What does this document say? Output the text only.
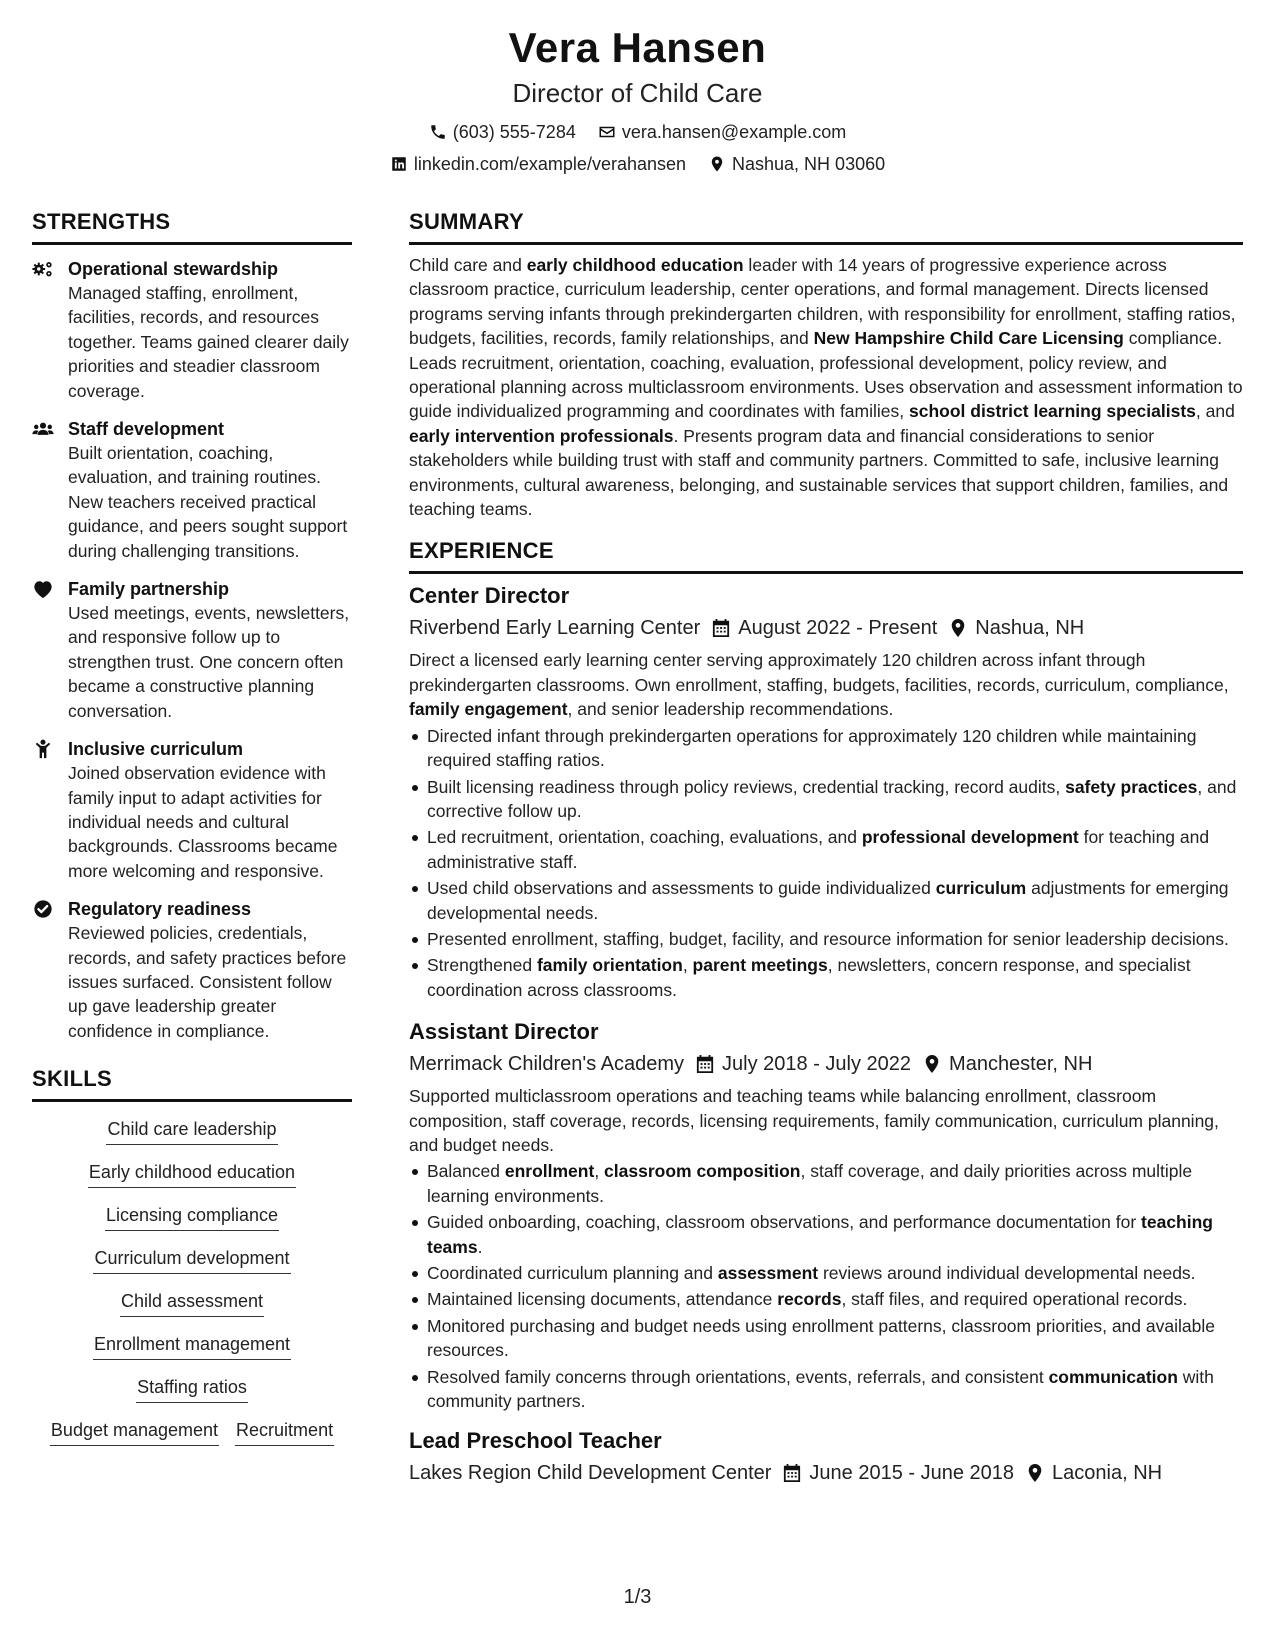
Vera Hansen
Director of Child Care
(603) 555-7284	vera.hansen@example.com
linkedin.com/example/verahansen	Nashua, NH 03060
STRENGTHS
Operational stewardship
Managed staffing, enrollment, facilities, records, and resources together. Teams gained clearer daily priorities and steadier classroom coverage.
Staff development
Built orientation, coaching, evaluation, and training routines. New teachers received practical guidance, and peers sought support during challenging transitions.
Family partnership
Used meetings, events, newsletters, and responsive follow up to strengthen trust. One concern often became a constructive planning conversation.
Inclusive curriculum
Joined observation evidence with family input to adapt activities for individual needs and cultural backgrounds. Classrooms became more welcoming and responsive.
Regulatory readiness
Reviewed policies, credentials, records, and safety practices before issues surfaced. Consistent follow up gave leadership greater confidence in compliance.
SKILLS
Child care leadership
Early childhood education
Licensing compliance
Curriculum development
Child assessment
Enrollment management
Staffing ratios
Budget management Recruitment
SUMMARY
Child care and early childhood education leader with 14 years of progressive experience across classroom practice, curriculum leadership, center operations, and formal management. Directs licensed programs serving infants through prekindergarten children, with responsibility for enrollment, staffing ratios, budgets, facilities, records, family relationships, and New Hampshire Child Care Licensing compliance. Leads recruitment, orientation, coaching, evaluation, professional development, policy review, and operational planning across multiclassroom environments. Uses observation and assessment information to guide individualized programming and coordinates with families, school district learning specialists, and early intervention professionals. Presents program data and financial considerations to senior stakeholders while building trust with staff and community partners. Committed to safe, inclusive learning environments, cultural awareness, belonging, and sustainable services that support children, families, and teaching teams.
EXPERIENCE
Center Director
Riverbend Early Learning Center August 2022 - Present Nashua, NH
Direct a licensed early learning center serving approximately 120 children across infant through prekindergarten classrooms. Own enrollment, staffing, budgets, facilities, records, curriculum, compliance, family engagement, and senior leadership recommendations.
Directed infant through prekindergarten operations for approximately 120 children while maintaining required staffing ratios.
Built licensing readiness through policy reviews, credential tracking, record audits, safety practices, and corrective follow up.
Led recruitment, orientation, coaching, evaluations, and professional development for teaching and administrative staff.
Used child observations and assessments to guide individualized curriculum adjustments for emerging developmental needs.
Presented enrollment, staffing, budget, facility, and resource information for senior leadership decisions.
Strengthened family orientation, parent meetings, newsletters, concern response, and specialist coordination across classrooms.
Assistant Director
Merrimack Children's Academy July 2018 - July 2022 Manchester, NH
Supported multiclassroom operations and teaching teams while balancing enrollment, classroom composition, staff coverage, records, licensing requirements, family communication, curriculum planning, and budget needs.
Balanced enrollment, classroom composition, staff coverage, and daily priorities across multiple learning environments.
Guided onboarding, coaching, classroom observations, and performance documentation for teaching teams.
Coordinated curriculum planning and assessment reviews around individual developmental needs.
Maintained licensing documents, attendance records, staff files, and required operational records.
Monitored purchasing and budget needs using enrollment patterns, classroom priorities, and available resources.
Resolved family concerns through orientations, events, referrals, and consistent communication with community partners.
Lead Preschool Teacher
Lakes Region Child Development Center June 2015 - June 2018 Laconia, NH
1/3
